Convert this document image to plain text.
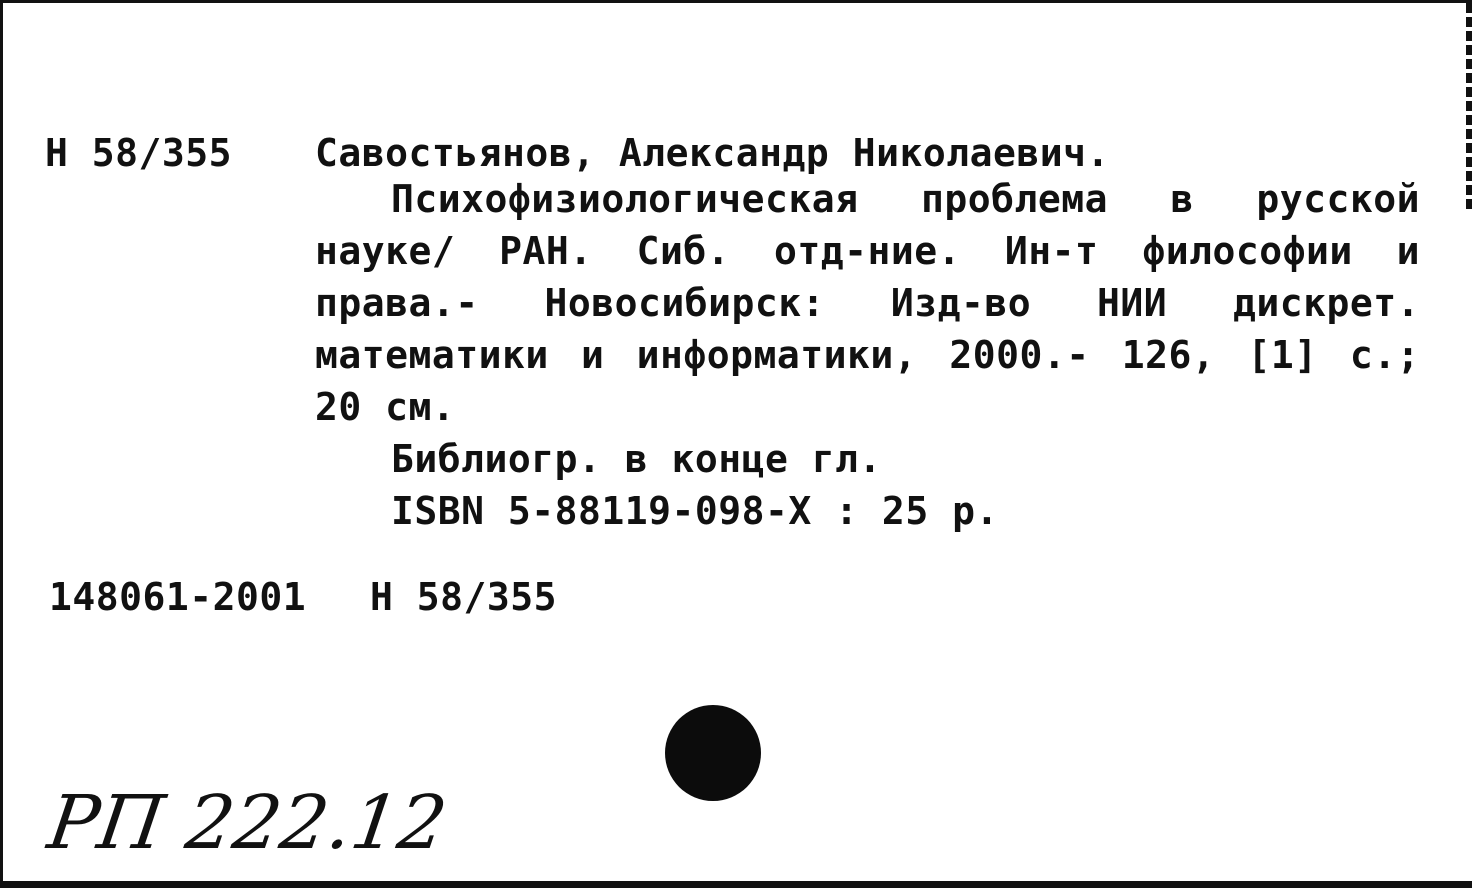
Н 58/355 Савостьянов, Александр Николаевич.
Психофизиологическая проблема в русской
науке/ РАН. Сиб. отд-ние. Ин-т философии и
права.- Новосибирск: Изд-во НИИ дискрет.
математики и информатики, 2000.- 126, [1] с.;
20 см.
Библиогр. в конце гл.
ISBN 5-88119-098-X : 25 р.
148061-2001 Н 58/355
РП 222.12
